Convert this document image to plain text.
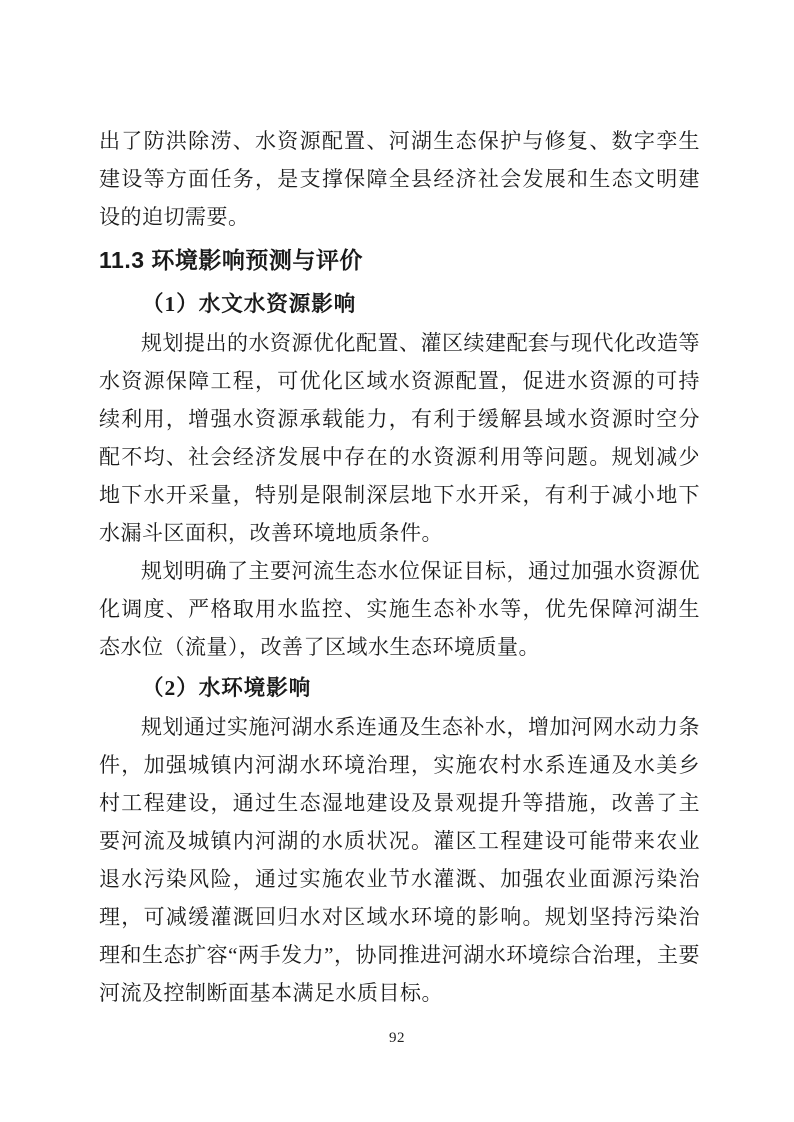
出了防洪除涝、水资源配置、河湖生态保护与修复、数字孪生建设等方面任务，是支撑保障全县经济社会发展和生态文明建设的迫切需要。

11.3 环境影响预测与评价
（1）水文水资源影响

规划提出的水资源优化配置、灌区续建配套与现代化改造等水资源保障工程，可优化区域水资源配置，促进水资源的可持续利用，增强水资源承载能力，有利于缓解县域水资源时空分配不均、社会经济发展中存在的水资源利用等问题。规划减少地下水开采量，特别是限制深层地下水开采，有利于减小地下水漏斗区面积，改善环境地质条件。

规划明确了主要河流生态水位保证目标，通过加强水资源优化调度、严格取用水监控、实施生态补水等，优先保障河湖生态水位（流量），改善了区域水生态环境质量。

（2）水环境影响

规划通过实施河湖水系连通及生态补水，增加河网水动力条件，加强城镇内河湖水环境治理，实施农村水系连通及水美乡村工程建设，通过生态湿地建设及景观提升等措施，改善了主要河流及城镇内河湖的水质状况。灌区工程建设可能带来农业退水污染风险，通过实施农业节水灌溉、加强农业面源污染治理，可减缓灌溉回归水对区域水环境的影响。规划坚持污染治理和生态扩容“两手发力”，协同推进河湖水环境综合治理，主要河流及控制断面基本满足水质目标。

92
